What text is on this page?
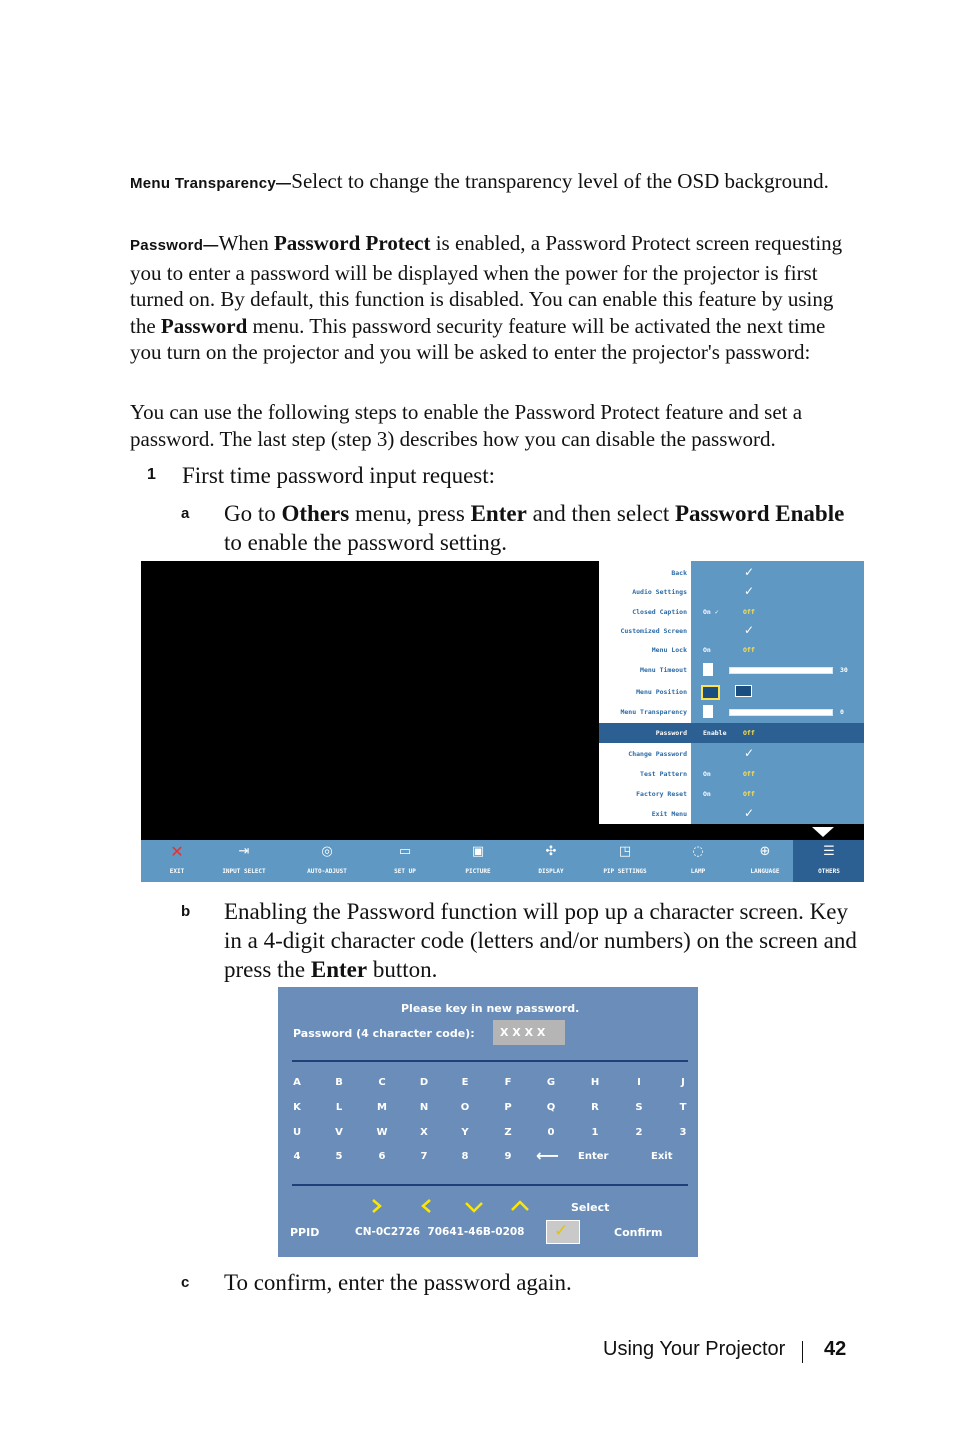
Menu Transparency—Select to change the transparency level of the OSD background.
Password—When Password Protect is enabled, a Password Protect screen requesting you to enter a password will be displayed when the power for the projector is first turned on. By default, this function is disabled. You can enable this feature by using the Password menu. This password security feature will be activated the next time you turn on the projector and you will be asked to enter the projector's password:
You can use the following steps to enable the Password Protect feature and set a password. The last step (step 3) describes how you can disable the password.
1 First time password input request:
a Go to Others menu, press Enter and then select Password Enable to enable the password setting.
Back	✓
Audio Settings	✓
Closed Caption On ✓	Off
Customized Screen	✓
Menu Lock On	Off
Menu Timeout	30
Menu Position
Menu Transparency	0
Password Enable	Off
Change Password	✓
Test Pattern On	Off
Factory Reset On	Off
Exit Menu	✓
✕
EXIT
⇥
INPUT SELECT
◎
AUTO-ADJUST
▭
SET UP
▣
PICTURE
✣
DISPLAY
◳
PIP SETTINGS
◌
LAMP
⊕
LANGUAGE
☰
OTHERS
b Enabling the Password function will pop up a character screen. Key in a 4-digit character code (letters and/or numbers) on the screen and press the Enter button.
Please key in new password.
Password (4 character code): X X X X
A	B	C	D	E	F	G	H	I	J
K	L	M	N	O	P	Q	R	S	T
U	V	W	X	Y	Z	0	1	2	3
4	5	6	7	8	9	⟵ Enter	Exit
Select
PPID	CN-0C2726  70641-46B-0208 ✓	Confirm
c To confirm, enter the password again.
Using Your Projector 42
